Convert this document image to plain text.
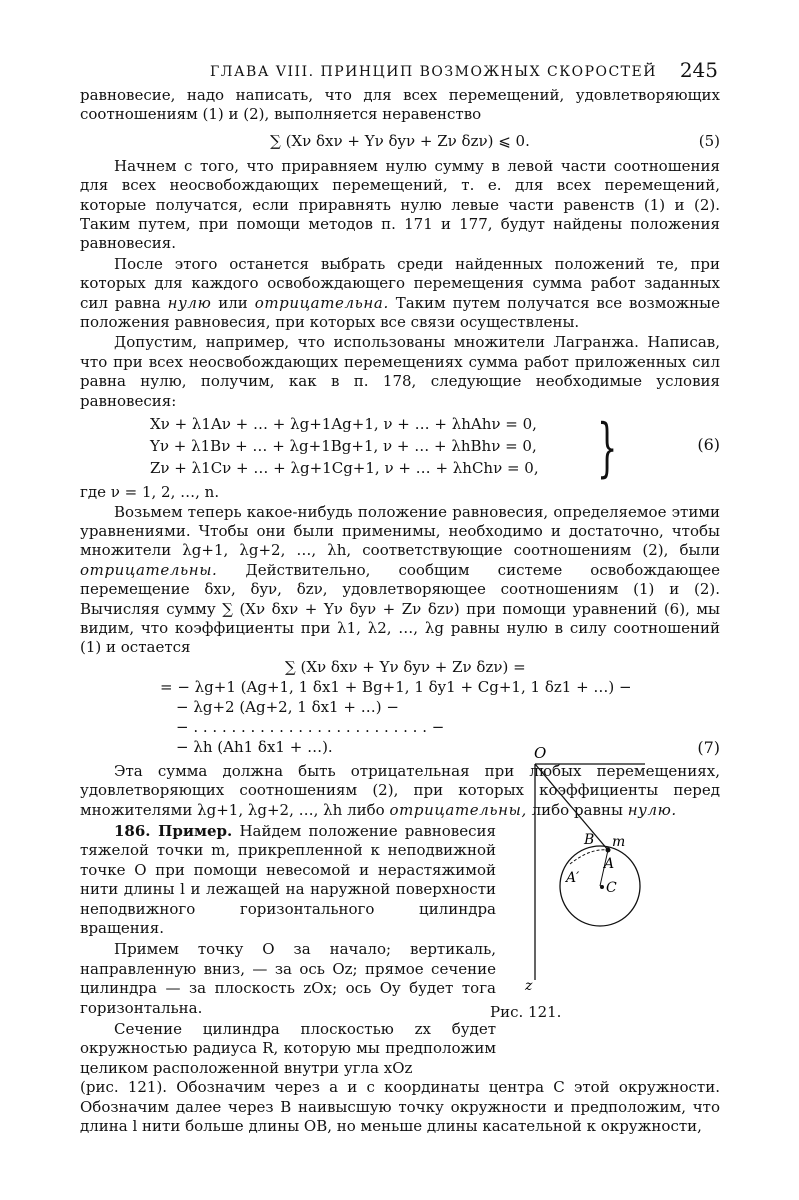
ГЛАВА VIII. ПРИНЦИП ВОЗМОЖНЫХ СКОРОСТЕЙ 245

равновесие, надо написать, что для всех перемещений, удовлетворяющих соотношениям (1) и (2), выполняется неравенство

∑ (Xν δxν + Yν δyν + Zν δzν) ⩽ 0.	(5)

Начнем с того, что приравняем нулю сумму в левой части соотношения для всех неосвобождающих перемещений, т. е. для всех перемещений, которые получатся, если приравнять нулю левые части равенств (1) и (2). Таким путем, при помощи методов п. 171 и 177, будут найдены положения равновесия.

После этого останется выбрать среди найденных положений те, при которых для каждого освобождающего перемещения сумма работ заданных сил равна нулю или отрицательна. Таким путем получатся все возможные положения равновесия, при которых все связи осуществлены.

Допустим, например, что использованы множители Лагранжа. Написав, что при всех неосвобождающих перемещениях сумма работ приложенных сил равна нулю, получим, как в п. 178, следующие необходимые условия равновесия:

Xν + λ1Aν + … + λg+1Ag+1, ν + … + λhAhν = 0,
Yν + λ1Bν + … + λg+1Bg+1, ν + … + λhBhν = 0,
Zν + λ1Cν + … + λg+1Cg+1, ν + … + λhChν = 0, }	(6)

где ν = 1, 2, …, n.

Возьмем теперь какое-нибудь положение равновесия, определяемое этими уравнениями. Чтобы они были применимы, необходимо и достаточно, чтобы множители λg+1, λg+2, …, λh, соответствующие соотношениям (2), были отрицательны. Действительно, сообщим системе освобождающее перемещение δxν, δyν, δzν, удовлетворяющее соотношениям (1) и (2). Вычисляя сумму ∑ (Xν δxν + Yν δyν + Zν δzν) при помощи уравнений (6), мы видим, что коэффициенты при λ1, λ2, …, λg равны нулю в силу соотношений (1) и остается

∑ (Xν δxν + Yν δyν + Zν δzν) =
= − λg+1 (Ag+1, 1 δx1 + Bg+1, 1 δy1 + Cg+1, 1 δz1 + …) −
− λg+2 (Ag+2, 1 δx1 + …) −
− . . . . . . . . . . . . . . . . . . . . . . . . . −
− λh (Ah1 δx1 + …).	(7)

Эта сумма должна быть отрицательная при любых перемещениях, удовлетворяющих соотношениям (2), при которых коэффициенты перед множителями λg+1, λg+2, …, λh либо отрицательны, либо равны нулю.

186. Пример. Найдем положение равновесия тяжелой точки m, прикрепленной к неподвижной точке O при помощи невесомой и нерастяжимой нити длины l и лежащей на наружной поверхности неподвижного горизонтального цилиндра вращения.

Примем точку O за начало; вертикаль, направленную вниз, — за ось Oz; прямое сечение цилиндра — за плоскость zOx; ось Oy будет тога горизонтальна.

Сечение цилиндра плоскостью zx будет окружностью радиуса R, которую мы предположим целиком расположенной внутри угла xOz

(рис. 121). Обозначим через a и c координаты центра C этой окружности. Обозначим далее через B наивысшую точку окружности и предположим, что длина l нити больше длины OB, но меньше длины касательной к окружности,

O
z
B m
A
A′
C
Рис. 121.
